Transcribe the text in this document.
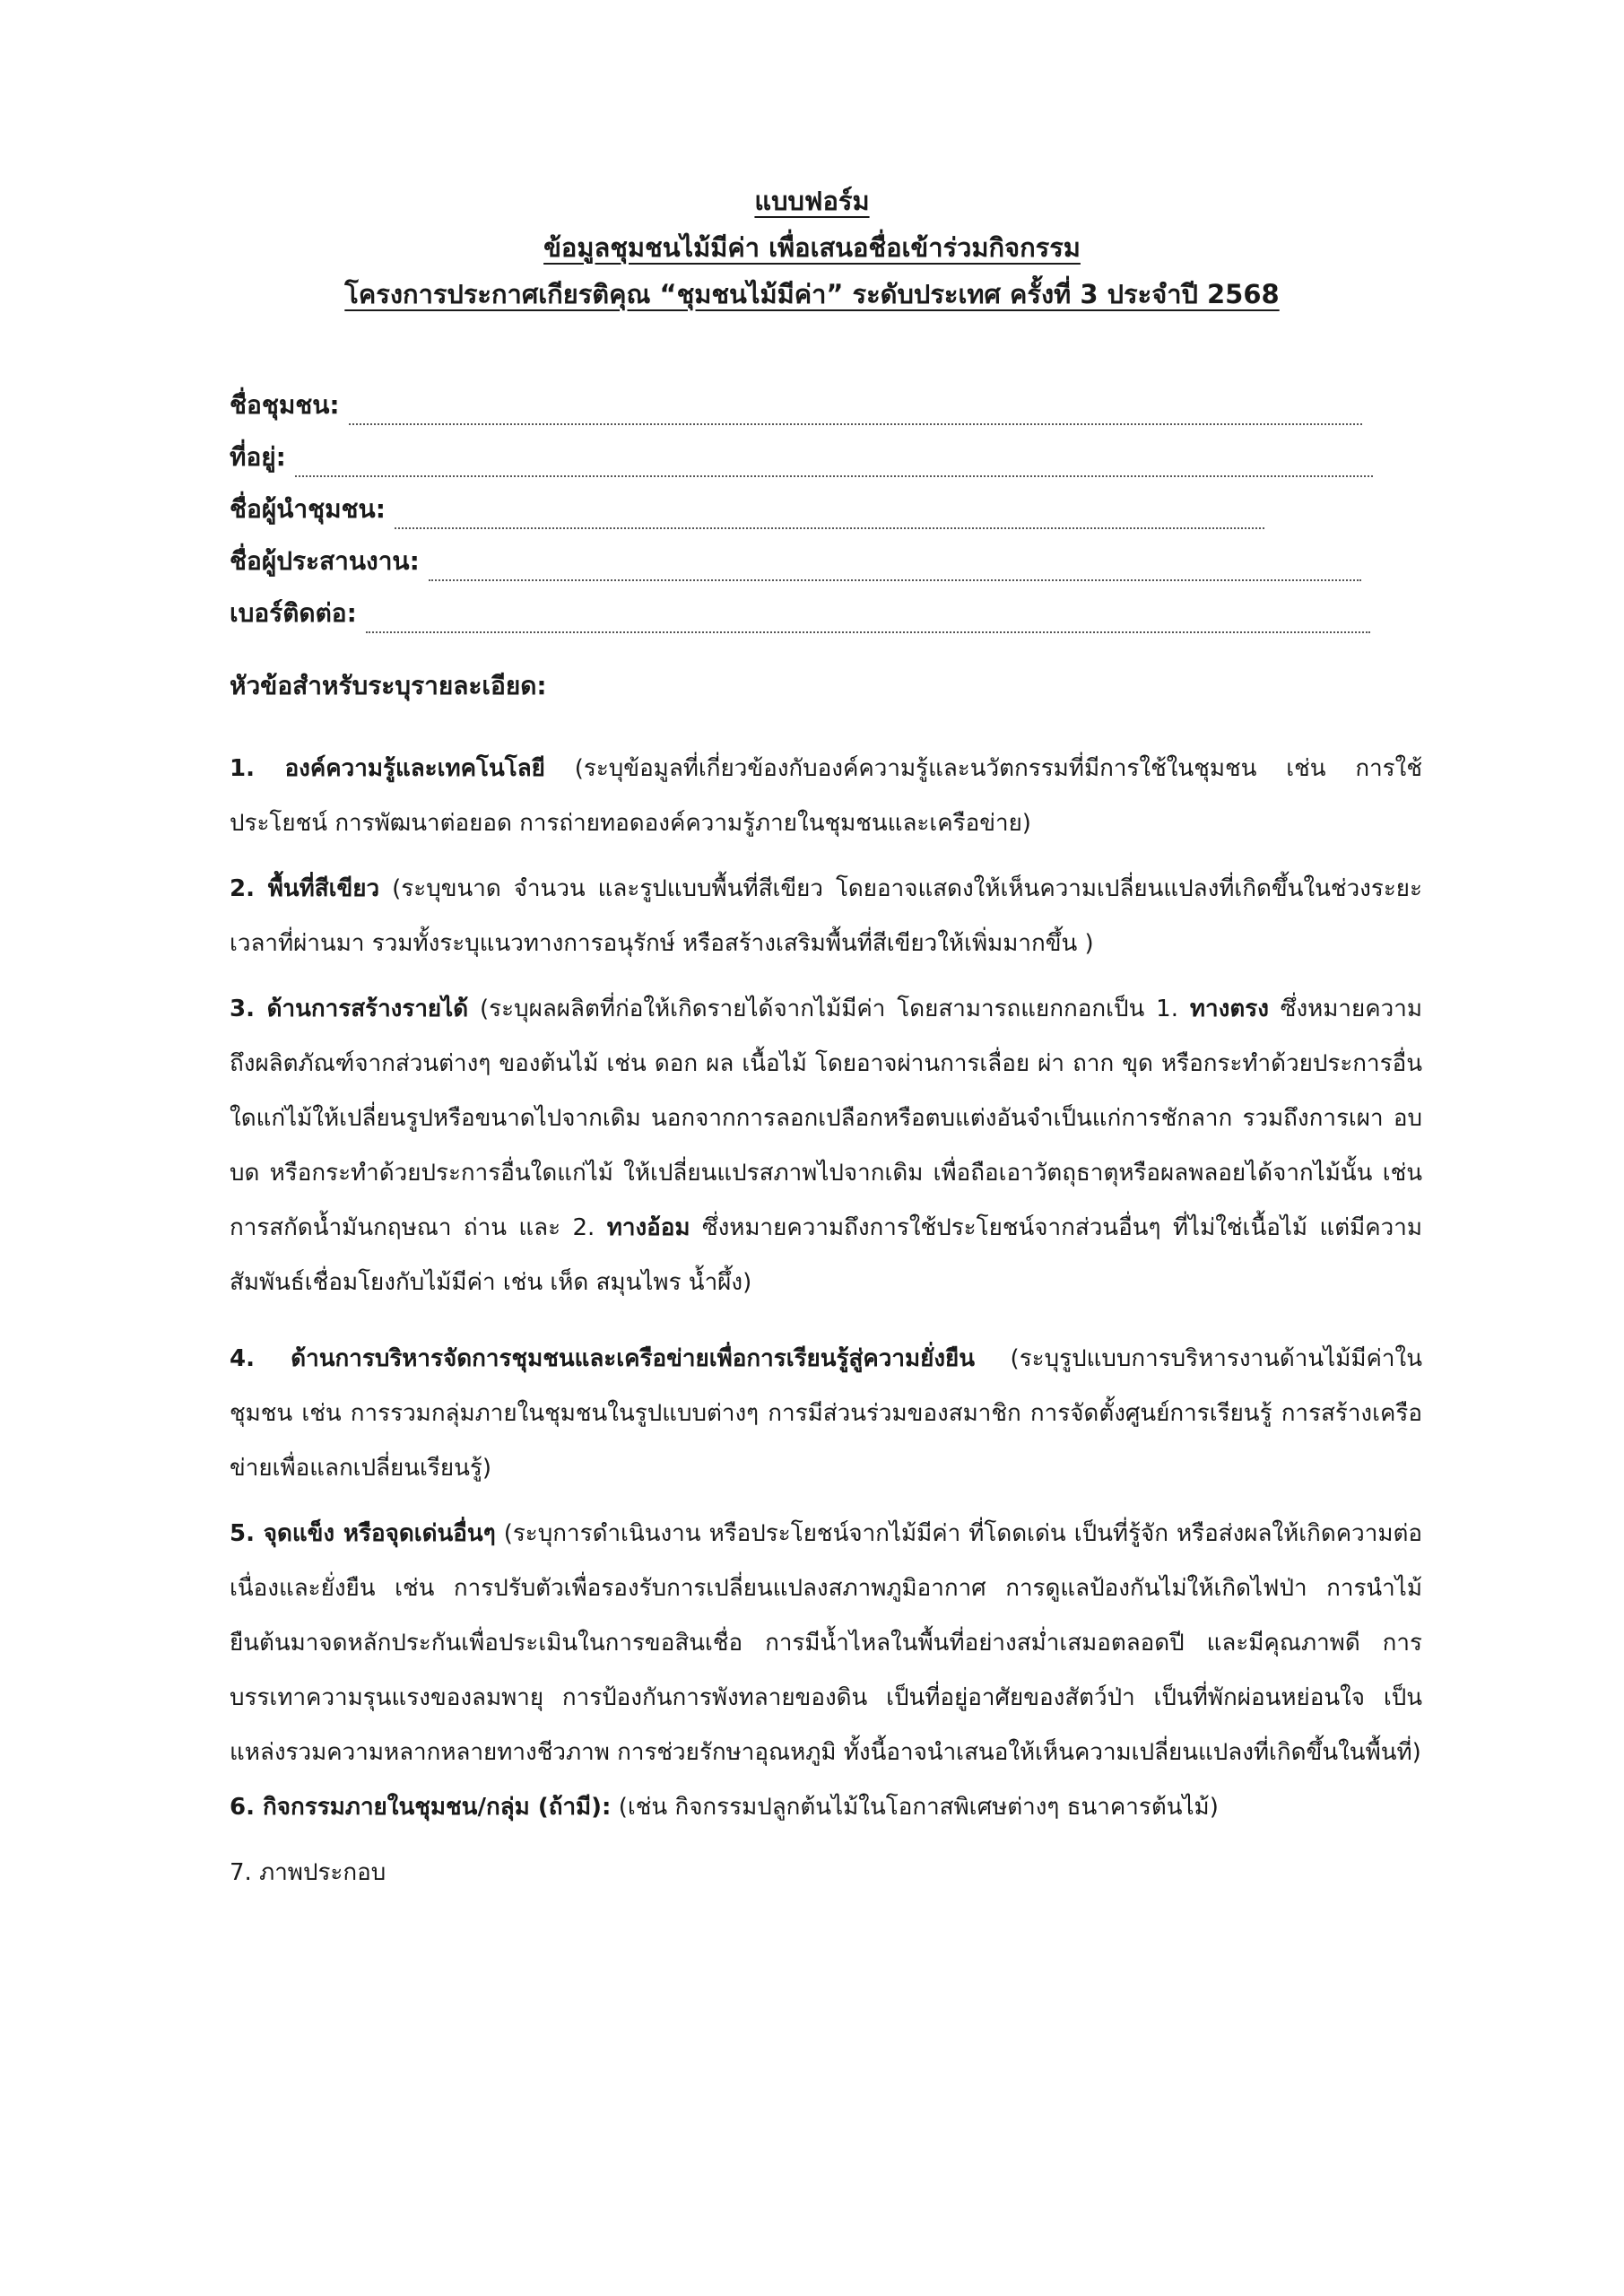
แบบฟอร์ม
ข้อมูลชุมชนไม้มีค่า เพื่อเสนอชื่อเข้าร่วมกิจกรรม
โครงการประกาศเกียรติคุณ “ชุมชนไม้มีค่า” ระดับประเทศ ครั้งที่ 3 ประจำปี 2568
ชื่อชุมชน:
ที่อยู่:
ชื่อผู้นำชุมชน:
ชื่อผู้ประสานงาน:
เบอร์ติดต่อ:
หัวข้อสำหรับระบุรายละเอียด:
1. องค์ความรู้และเทคโนโลยี (ระบุข้อมูลที่เกี่ยวข้องกับองค์ความรู้และนวัตกรรมที่มีการใช้ในชุมชน เช่น การใช้ประโยชน์ การพัฒนาต่อยอด การถ่ายทอดองค์ความรู้ภายในชุมชนและเครือข่าย)
2. พื้นที่สีเขียว (ระบุขนาด จำนวน และรูปแบบพื้นที่สีเขียว โดยอาจแสดงให้เห็นความเปลี่ยนแปลงที่เกิดขึ้นในช่วงระยะเวลาที่ผ่านมา รวมทั้งระบุแนวทางการอนุรักษ์ หรือสร้างเสริมพื้นที่สีเขียวให้เพิ่มมากขึ้น )
3. ด้านการสร้างรายได้ (ระบุผลผลิตที่ก่อให้เกิดรายได้จากไม้มีค่า โดยสามารถแยกกอกเป็น 1. ทางตรง ซึ่งหมายความถึงผลิตภัณฑ์จากส่วนต่างๆ ของต้นไม้ เช่น ดอก ผล เนื้อไม้ โดยอาจผ่านการเลื่อย ผ่า ถาก ขุด หรือกระทำด้วยประการอื่นใดแก่ไม้ให้เปลี่ยนรูปหรือขนาดไปจากเดิม นอกจากการลอกเปลือกหรือตบแต่งอันจำเป็นแก่การชักลาก รวมถึงการเผา อบ บด หรือกระทำด้วยประการอื่นใดแก่ไม้ ให้เปลี่ยนแปรสภาพไปจากเดิม เพื่อถือเอาวัตถุธาตุหรือผลพลอยได้จากไม้นั้น เช่น การสกัดน้ำมันกฤษณา ถ่าน และ 2. ทางอ้อม ซึ่งหมายความถึงการใช้ประโยชน์จากส่วนอื่นๆ ที่ไม่ใช่เนื้อไม้ แต่มีความสัมพันธ์เชื่อมโยงกับไม้มีค่า เช่น เห็ด สมุนไพร น้ำผึ้ง)
4. ด้านการบริหารจัดการชุมชนและเครือข่ายเพื่อการเรียนรู้สู่ความยั่งยืน (ระบุรูปแบบการบริหารงานด้านไม้มีค่าในชุมชน เช่น การรวมกลุ่มภายในชุมชนในรูปแบบต่างๆ การมีส่วนร่วมของสมาชิก การจัดตั้งศูนย์การเรียนรู้ การสร้างเครือข่ายเพื่อแลกเปลี่ยนเรียนรู้)
5. จุดแข็ง หรือจุดเด่นอื่นๆ (ระบุการดำเนินงาน หรือประโยชน์จากไม้มีค่า ที่โดดเด่น เป็นที่รู้จัก หรือส่งผลให้เกิดความต่อเนื่องและยั่งยืน เช่น การปรับตัวเพื่อรองรับการเปลี่ยนแปลงสภาพภูมิอากาศ การดูแลป้องกันไม่ให้เกิดไฟป่า การนำไม้ยืนต้นมาจดหลักประกันเพื่อประเมินในการขอสินเชื่อ การมีน้ำไหลในพื้นที่อย่างสม่ำเสมอตลอดปี และมีคุณภาพดี การบรรเทาความรุนแรงของลมพายุ การป้องกันการพังทลายของดิน เป็นที่อยู่อาศัยของสัตว์ป่า เป็นที่พักผ่อนหย่อนใจ เป็นแหล่งรวมความหลากหลายทางชีวภาพ การช่วยรักษาอุณหภูมิ ทั้งนี้อาจนำเสนอให้เห็นความเปลี่ยนแปลงที่เกิดขึ้นในพื้นที่)
6. กิจกรรมภายในชุมชน/กลุ่ม (ถ้ามี): (เช่น กิจกรรมปลูกต้นไม้ในโอกาสพิเศษต่างๆ ธนาคารต้นไม้)
7. ภาพประกอบ
